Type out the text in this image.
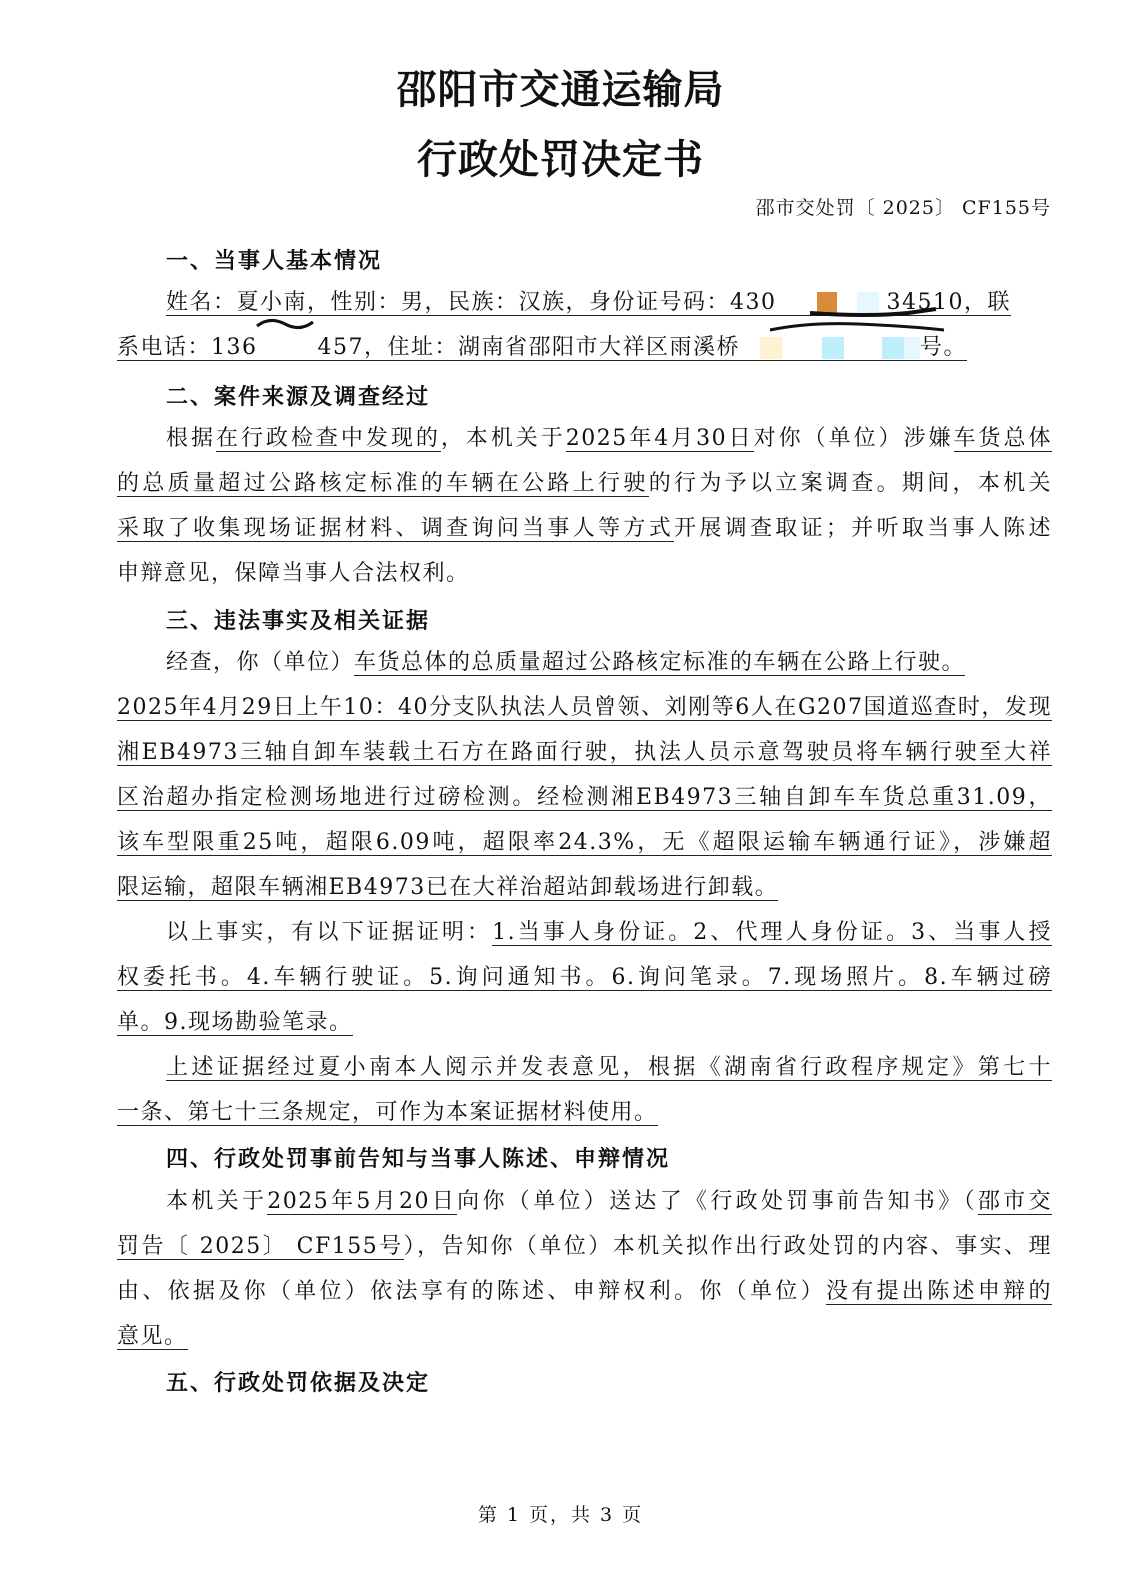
邵阳市交通运输局
行政处罚决定书
邵市交处罚〔 2025〕 CF155号
一、当事人基本情况
姓名：夏小南，性别：男，民族：汉族，身份证号码：430	34510，联
系电话：136	457，住址：湖南省邵阳市大祥区雨溪桥	号。
二、案件来源及调查经过
根据在行政检查中发现的，本机关于2025年4月30日对你（单位）涉嫌车货总体
的总质量超过公路核定标准的车辆在公路上行驶的行为予以立案调查。期间，本机关
采取了收集现场证据材料、调查询问当事人等方式开展调查取证；并听取当事人陈述
申辩意见，保障当事人合法权利。
三、违法事实及相关证据
经查，你（单位）车货总体的总质量超过公路核定标准的车辆在公路上行驶。
2025年4月29日上午10：40分支队执法人员曾领、刘刚等6人在G207国道巡查时，发现
湘EB4973三轴自卸车装载土石方在路面行驶，执法人员示意驾驶员将车辆行驶至大祥
区治超办指定检测场地进行过磅检测。经检测湘EB4973三轴自卸车车货总重31.09，
该车型限重25吨，超限6.09吨，超限率24.3%，无《超限运输车辆通行证》，涉嫌超
限运输，超限车辆湘EB4973已在大祥治超站卸载场进行卸载。
以上事实，有以下证据证明：1.当事人身份证。2、代理人身份证。3、当事人授
权委托书。4.车辆行驶证。5.询问通知书。6.询问笔录。7.现场照片。8.车辆过磅
单。9.现场勘验笔录。
上述证据经过夏小南本人阅示并发表意见，根据《湖南省行政程序规定》第七十
一条、第七十三条规定，可作为本案证据材料使用。
四、行政处罚事前告知与当事人陈述、申辩情况
本机关于2025年5月20日向你（单位）送达了《行政处罚事前告知书》（邵市交
罚告〔 2025〕 CF155号），告知你（单位）本机关拟作出行政处罚的内容、事实、理
由、依据及你（单位）依法享有的陈述、申辩权利。你（单位）没有提出陈述申辩的
意见。
五、行政处罚依据及决定
第 1 页，共 3 页
